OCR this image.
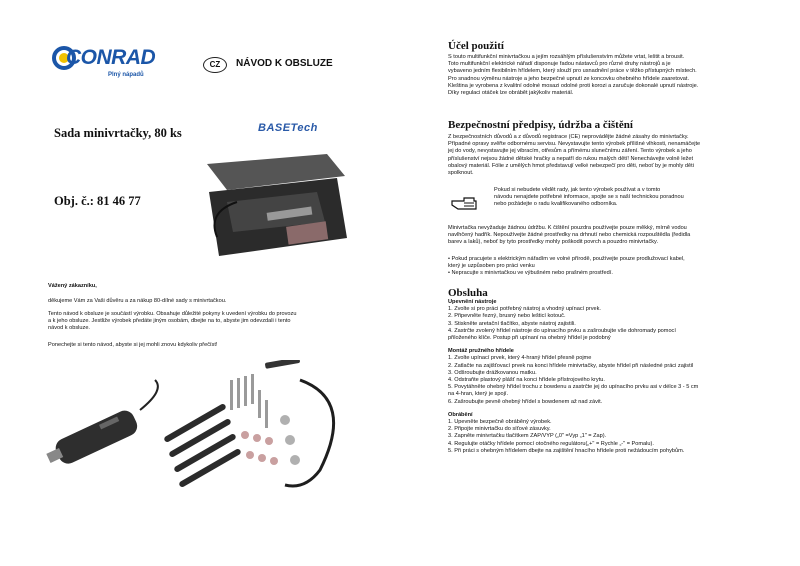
CONRAD
Plný nápadů
CZ	NÁVOD K OBSLUZE
Sada minivrtačky, 80 ks	BASETech
Obj. č.: 81 46 77
Vážený zákazníku,
děkujeme Vám za Vaši důvěru a za nákup 80-dílné sady s minivrtačkou.
Tento návod k obsluze je součástí výrobku. Obsahuje důležité pokyny k uvedení výrobku do provozu
a k jeho obsluze. Jestliže výrobek předáte jiným osobám, dbejte na to, abyste jim odevzdali i tento
návod k obsluze.
Ponechejte si tento návod, abyste si jej mohli znovu kdykoliv přečíst!
Účel použití
S touto multifunkční minivrtačkou a jejím rozsáhlým příslušenstvím můžete vrtat, leštit a brousit.
Toto multifunkční elektrické nářadí disponuje řadou nástavců pro různé druhy nástrojů a je
vybaveno jedním flexibilním hřídelem, který slouží pro usnadnění práce v těžko přístupných místech.
Pro snadnou výměnu nástroje a jeho bezpečné upnutí ze koncovku ohebného hřídele zaaretovat.
Kleština je vyrobena z kvalitní odolné mosazi odolné proti korozi a zaručuje dokonalé upnutí nástroje.
Díky regulaci otáček lze obrábět jakýkoliv materiál.
Bezpečnostní předpisy, údržba a čištění
Z bezpečnostních důvodů a z důvodů registrace (CE) neprovádějte žádné zásahy do minivrtačky.
Případné opravy svěřte odbornému servisu. Nevystavujte tento výrobek přílišné vlhkosti, nenamáčejte
jej do vody, nevystavujte jej vibracím, otřesům a přímému slunečnímu záření. Tento výrobek a jeho
příslušenství nejsou žádné dětské hračky a nepatří do rukou malých dětí! Nenechávejte volně ležet
obalový materiál. Fólie z umělých hmot představují velké nebezpečí pro děti, neboť by je mohly děti
spolknout.
Pokud si nebudete vědět rady, jak tento výrobek používat a v tomto
návodu nenajdete potřebné informace, spojte se s naší technickou poradnou
nebo požádejte o radu kvalifikovaného odborníka.
Minivrtačka nevyžaduje žádnou údržbu. K čištění pouzdra používejte pouze měkký, mírně vodou
navlhčený hadřík. Nepoužívejte žádné prostředky na drhnutí nebo chemická rozpouštědla (ředidla
barev a laků), neboť by tyto prostředky mohly poškodit povrch a pouzdro minivrtačky.
• Pokud pracujete s elektrickým nářadím ve volné přírodě, používejte pouze prodlužovací kabel,
který je uzpůsoben pro práci venku
• Nepracujte s minivrtačkou ve výbušném nebo prašném prostředí.
Obsluha
Upevnění nástroje
1. Zvolte si pro práci potřebný nástroj a vhodný upínací prvek.
2. Připevněte řezný, brusný nebo lešticí kotouč.
3. Stiskněte aretační tlačítko, abyste nástroj zajistili.
4. Zastrčte zvolený hřídel nástroje do upínacího prvku a zašroubujte vše dohromady pomocí
přiloženého klíče. Postup při upínaní na ohebný hřídel je podobný
Montáž pružného hřídele
1. Zvolte upínací prvek, který 4-hraný hřídel přesně pojme
2. Zatlačte na zajišťovací prvek na konci hřídele minivrtačky, abyste hřídel při následné práci zajistil
3. Odšroubujte drážkovanou matku.
4. Odstraňte plastový plášť na konci hřídele přístrojového krytu.
5. Povytáhněte ohebný hřídel trochu z bowdenu a zastrčte jej do upínacího prvku asi v délce 3 - 5 cm
na 4-hran, který je spojí.
6. Zašroubujte pevně ohebný hřídel s bowdenem až nad závit.
Obrábění
1. Upevněte bezpečně obráběný výrobek.
2. Připojte minivrtačku do síťové zásuvky.
3. Zapněte minivrtačku tlačítkem ZAP/VYP („0" =Vyp „1" = Zap).
4. Regulujte otáčky hřídele pomocí otočného regulátoru(„+" = Rychle „-" = Pomalu).
5. Při práci s ohebným hřídelem dbejte na zajištění hnacího hřídele proti nežádoucím pohybům.
